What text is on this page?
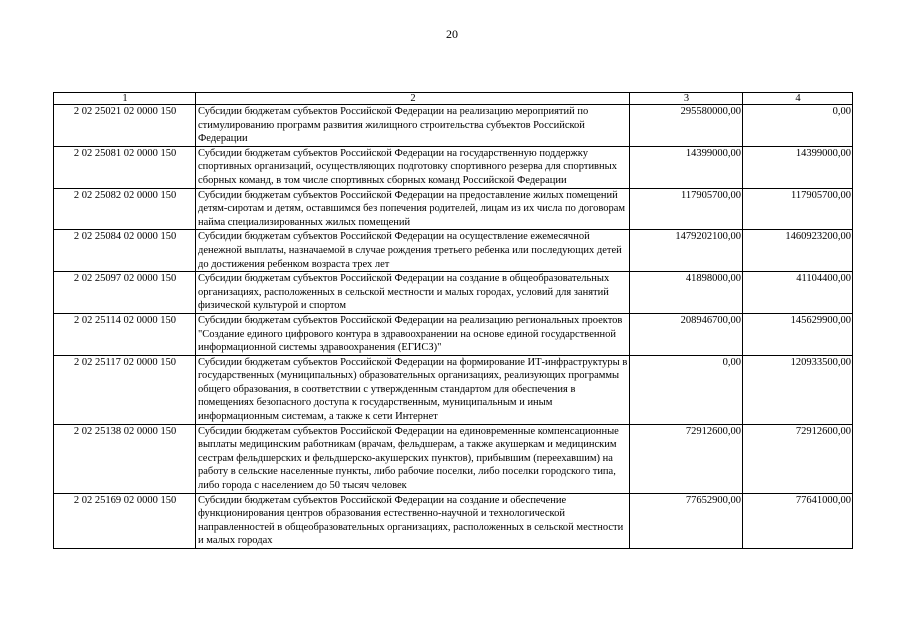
20
1	2	3	4
2 02 25021 02 0000 150	Субсидии бюджетам субъектов Российской Федерации на реализацию мероприятий по стимулированию программ развития жилищного строительства субъектов Российской Федерации	295580000,00	0,00
2 02 25081 02 0000 150	Субсидии бюджетам субъектов Российской Федерации на государственную поддержку спортивных организаций, осуществляющих подготовку спортивного резерва для спортивных сборных команд, в том числе спортивных сборных команд Российской Федерации	14399000,00	14399000,00
2 02 25082 02 0000 150	Субсидии бюджетам субъектов Российской Федерации на предоставление жилых помещений детям-сиротам и детям, оставшимся без попечения родителей, лицам из их числа по договорам найма специализированных жилых помещений	117905700,00	117905700,00
2 02 25084 02 0000 150	Субсидии бюджетам субъектов Российской Федерации на осуществление ежемесячной денежной выплаты, назначаемой в случае рождения третьего ребенка или последующих детей до достижения ребенком возраста трех лет	1479202100,00	1460923200,00
2 02 25097 02 0000 150	Субсидии бюджетам субъектов Российской Федерации на создание в общеобразовательных организациях, расположенных в сельской местности и малых городах, условий для занятий физической культурой и спортом	41898000,00	41104400,00
2 02 25114 02 0000 150	Субсидии бюджетам субъектов Российской Федерации на реализацию региональных проектов "Создание единого цифрового контура в здравоохранении на основе единой государственной информационной системы здравоохранения (ЕГИСЗ)"	208946700,00	145629900,00
2 02 25117 02 0000 150	Субсидии бюджетам субъектов Российской Федерации на формирование ИТ-инфраструктуры в государственных (муниципальных) образовательных организациях, реализующих программы общего образования, в соответствии с утвержденным стандартом для обеспечения в помещениях безопасного доступа к государственным, муниципальным и иным информационным системам, а также к сети Интернет	0,00	120933500,00
2 02 25138 02 0000 150	Субсидии бюджетам субъектов Российской Федерации на единовременные компенсационные выплаты медицинским работникам (врачам, фельдшерам, а также акушеркам и медицинским сестрам фельдшерских и фельдшерско-акушерских пунктов), прибывшим (переехавшим) на работу в сельские населенные пункты, либо рабочие поселки, либо поселки городского типа, либо города с населением до 50 тысяч человек	72912600,00	72912600,00
2 02 25169 02 0000 150	Субсидии бюджетам субъектов Российской Федерации на создание и обеспечение функционирования центров образования естественно-научной и технологической направленностей в общеобразовательных организациях, расположенных в сельской местности и малых городах	77652900,00	77641000,00
